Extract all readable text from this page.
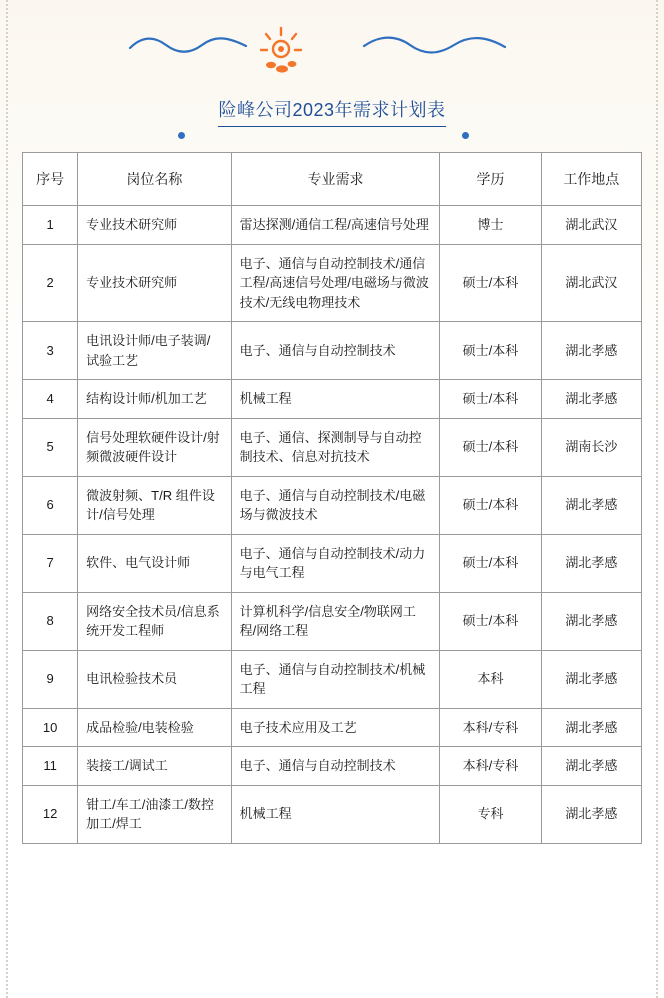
险峰公司2023年需求计划表
序号	岗位名称	专业需求	学历	工作地点
1	专业技术研究师	雷达探测/通信工程/高速信号处理	博士	湖北武汉
2	专业技术研究师	电子、通信与自动控制技术/通信工程/高速信号处理/电磁场与微波技术/无线电物理技术	硕士/本科	湖北武汉
3	电讯设计师/电子装调/试验工艺	电子、通信与自动控制技术	硕士/本科	湖北孝感
4	结构设计师/机加工艺	机械工程	硕士/本科	湖北孝感
5	信号处理软硬件设计/射频微波硬件设计	电子、通信、探测制导与自动控制技术、信息对抗技术	硕士/本科	湖南长沙
6	微波射频、T/R 组件设计/信号处理	电子、通信与自动控制技术/电磁场与微波技术	硕士/本科	湖北孝感
7	软件、电气设计师	电子、通信与自动控制技术/动力与电气工程	硕士/本科	湖北孝感
8	网络安全技术员/信息系统开发工程师	计算机科学/信息安全/物联网工程/网络工程	硕士/本科	湖北孝感
9	电讯检验技术员	电子、通信与自动控制技术/机械工程	本科	湖北孝感
10	成品检验/电装检验	电子技术应用及工艺	本科/专科	湖北孝感
11	装接工/调试工	电子、通信与自动控制技术	本科/专科	湖北孝感
12	钳工/车工/油漆工/数控加工/焊工	机械工程	专科	湖北孝感
